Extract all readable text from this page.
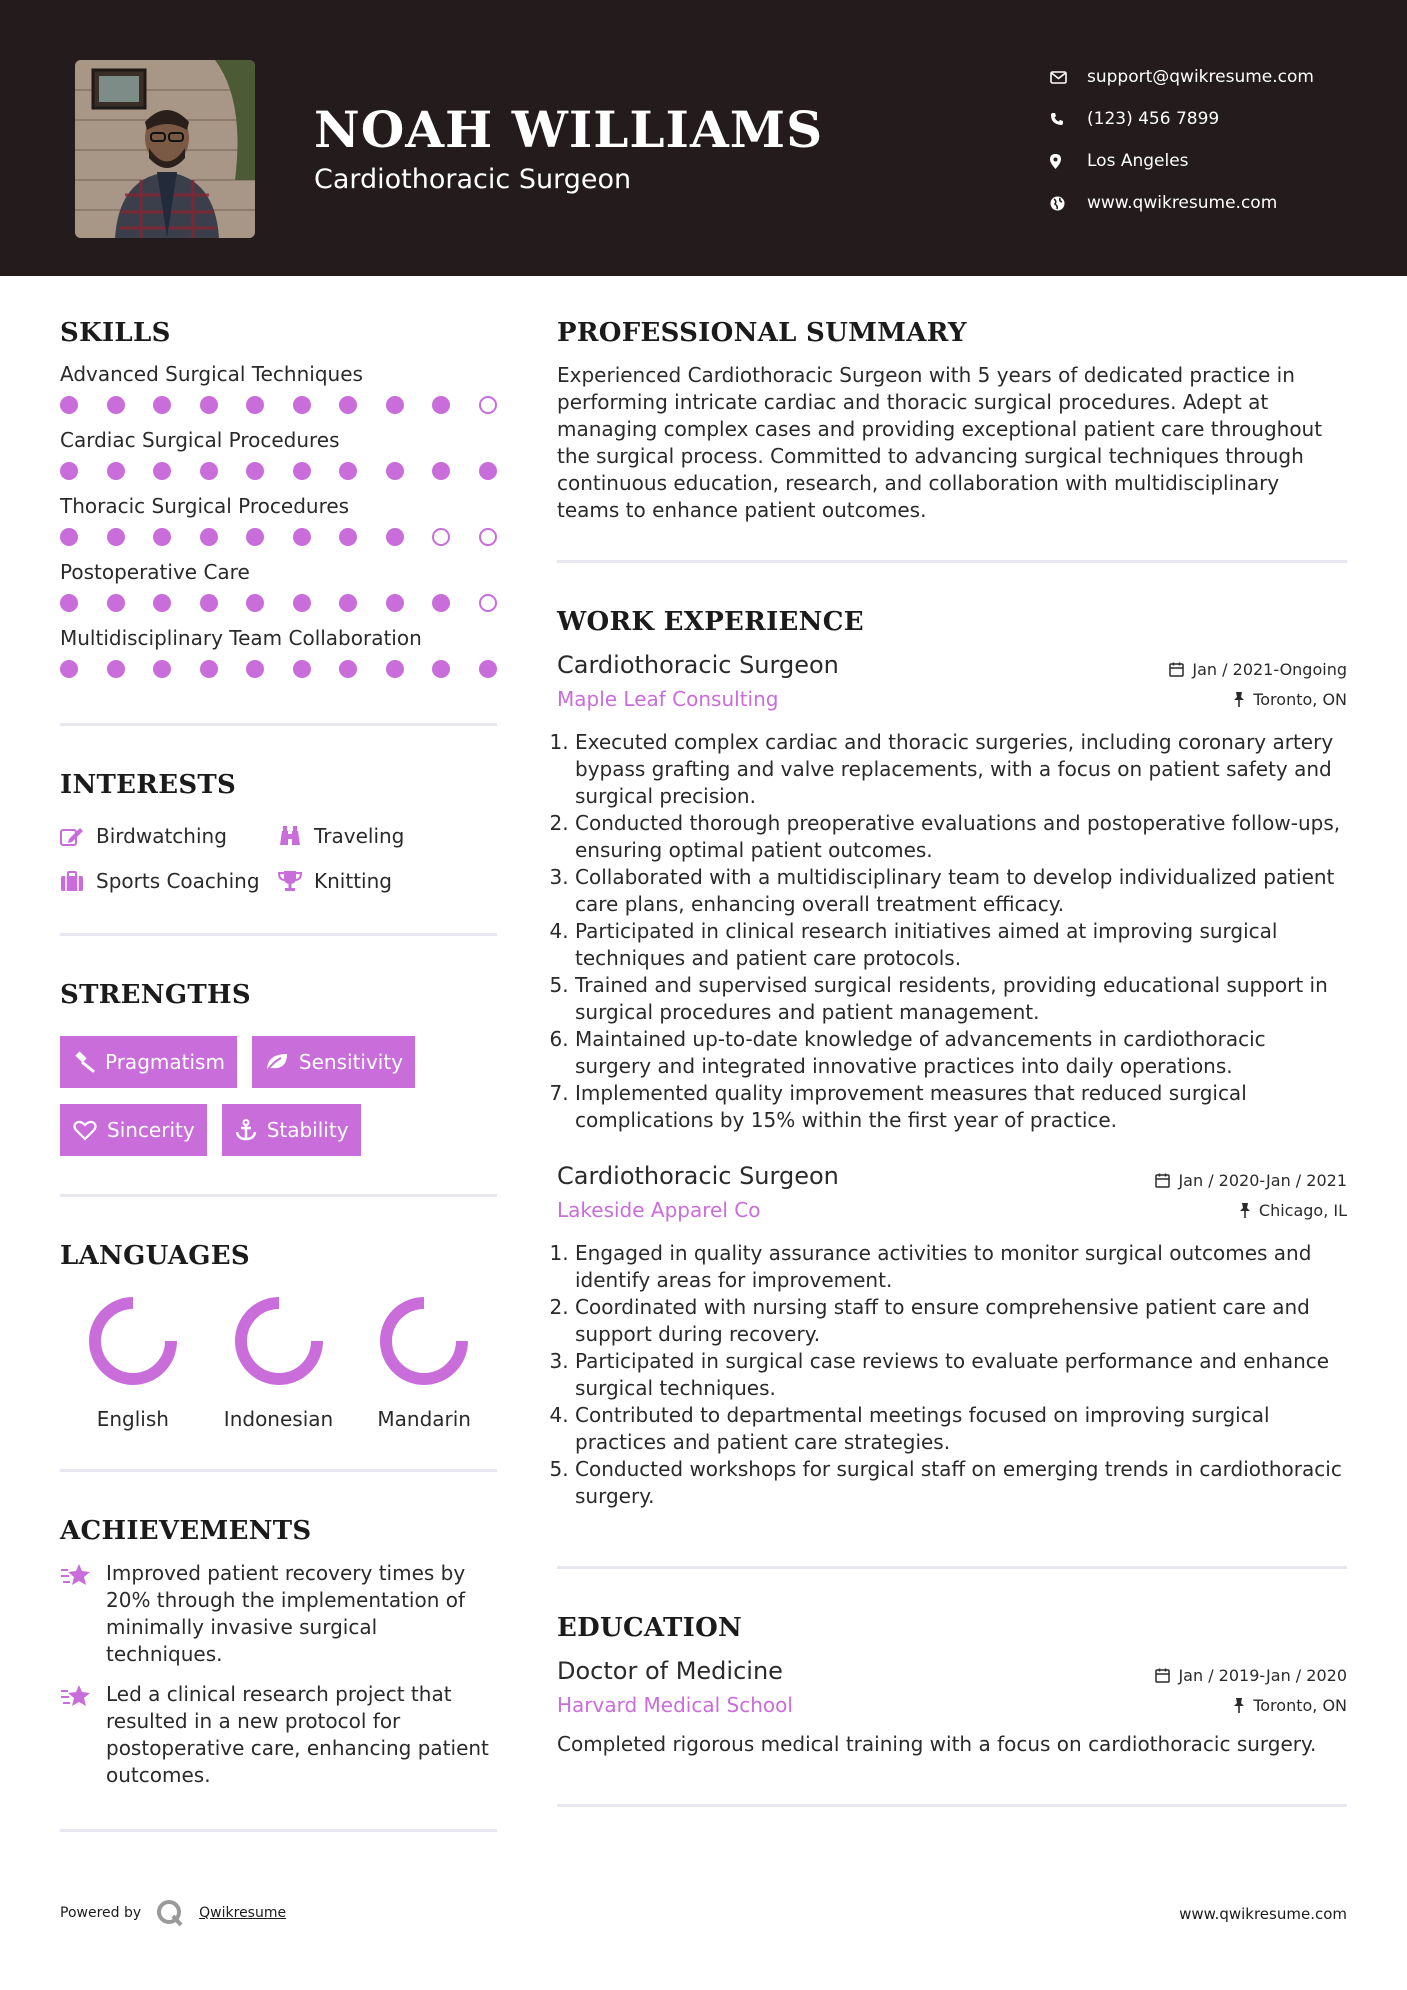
NOAH WILLIAMS
Cardiothoracic Surgeon
support@qwikresume.com
(123) 456 7899
Los Angeles
www.qwikresume.com
SKILLS
Advanced Surgical Techniques
Cardiac Surgical Procedures
Thoracic Surgical Procedures
Postoperative Care
Multidisciplinary Team Collaboration
INTERESTS
Birdwatching	Traveling
Sports Coaching	Knitting
STRENGTHS
Pragmatism	Sensitivity
Sincerity	Stability
LANGUAGES
English	Indonesian Mandarin
ACHIEVEMENTS
Improved patient recovery times by 20% through the implementation of minimally invasive surgical techniques.
Led a clinical research project that resulted in a new protocol for postoperative care, enhancing patient outcomes.
PROFESSIONAL SUMMARY
Experienced Cardiothoracic Surgeon with 5 years of dedicated practice in performing intricate cardiac and thoracic surgical procedures. Adept at managing complex cases and providing exceptional patient care throughout the surgical process. Committed to advancing surgical techniques through continuous education, research, and collaboration with multidisciplinary teams to enhance patient outcomes.
WORK EXPERIENCE
Cardiothoracic Surgeon	Jan / 2021-Ongoing
Maple Leaf Consulting	Toronto, ON
1. Executed complex cardiac and thoracic surgeries, including coronary artery bypass grafting and valve replacements, with a focus on patient safety and surgical precision.
2. Conducted thorough preoperative evaluations and postoperative follow-ups, ensuring optimal patient outcomes.
3. Collaborated with a multidisciplinary team to develop individualized patient care plans, enhancing overall treatment efficacy.
4. Participated in clinical research initiatives aimed at improving surgical techniques and patient care protocols.
5. Trained and supervised surgical residents, providing educational support in surgical procedures and patient management.
6. Maintained up-to-date knowledge of advancements in cardiothoracic surgery and integrated innovative practices into daily operations.
7. Implemented quality improvement measures that reduced surgical complications by 15% within the first year of practice.
Cardiothoracic Surgeon	Jan / 2020-Jan / 2021
Lakeside Apparel Co	Chicago, IL
1. Engaged in quality assurance activities to monitor surgical outcomes and identify areas for improvement.
2. Coordinated with nursing staff to ensure comprehensive patient care and support during recovery.
3. Participated in surgical case reviews to evaluate performance and enhance surgical techniques.
4. Contributed to departmental meetings focused on improving surgical practices and patient care strategies.
5. Conducted workshops for surgical staff on emerging trends in cardiothoracic surgery.
EDUCATION
Doctor of Medicine	Jan / 2019-Jan / 2020
Harvard Medical School	Toronto, ON
Completed rigorous medical training with a focus on cardiothoracic surgery.
Powered by	Qwikresume	www.qwikresume.com
